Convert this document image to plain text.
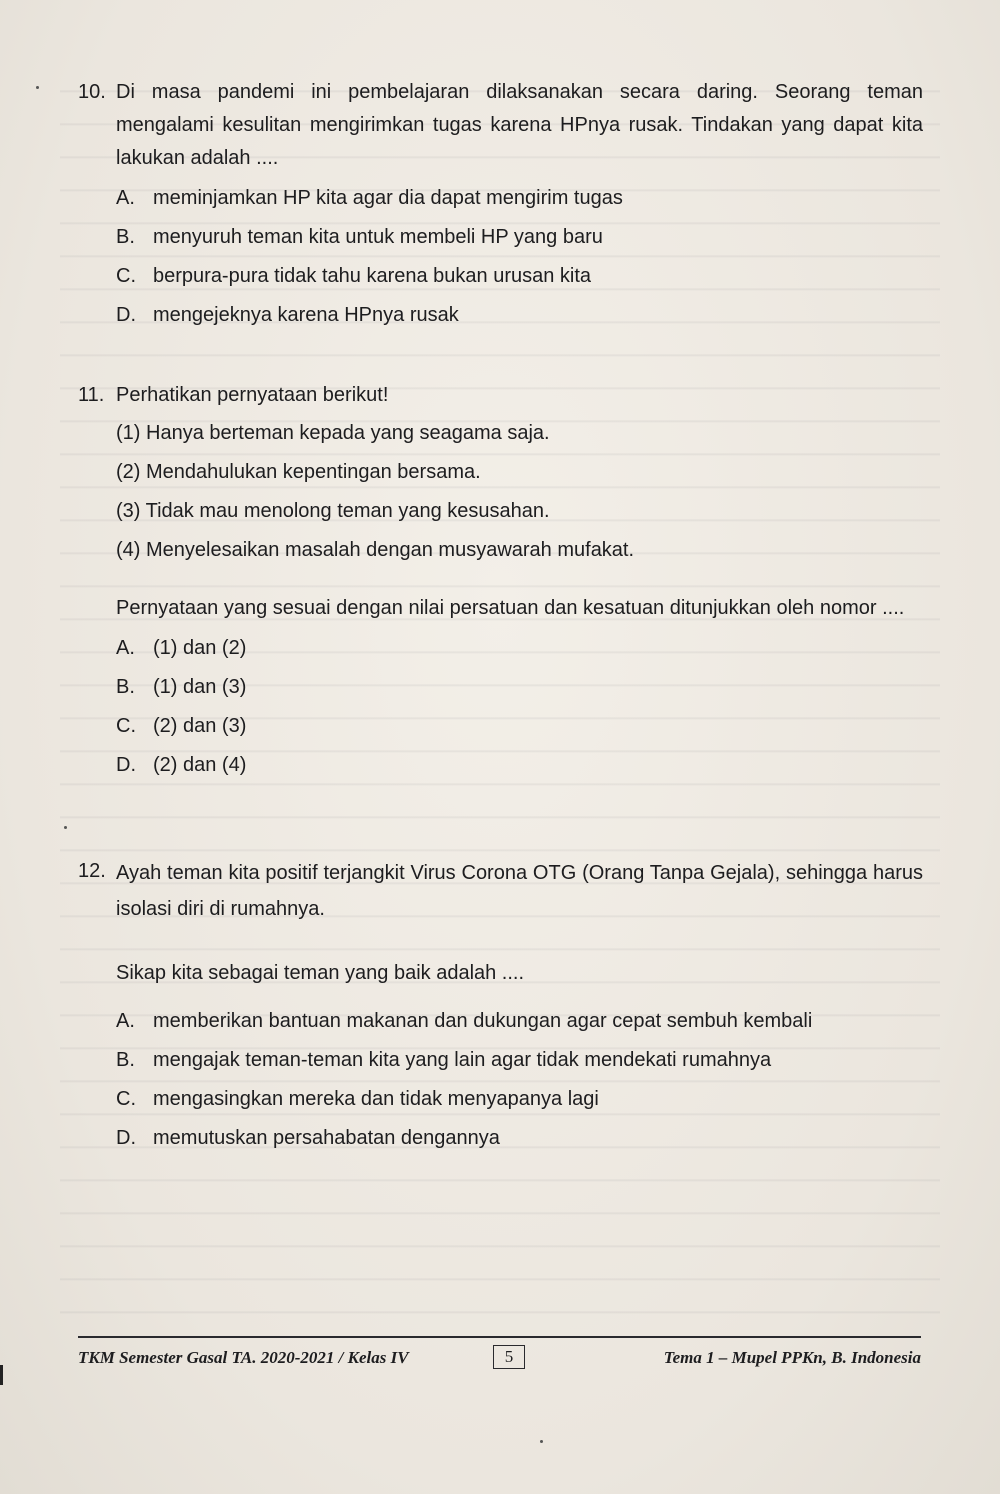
10. Di masa pandemi ini pembelajaran dilaksanakan secara daring. Seorang teman mengalami kesulitan mengirimkan tugas karena HPnya rusak. Tindakan yang dapat kita lakukan adalah ....
A. meminjamkan HP kita agar dia dapat mengirim tugas
B. menyuruh teman kita untuk membeli HP yang baru
C. berpura-pura tidak tahu karena bukan urusan kita
D. mengejeknya karena HPnya rusak
11. Perhatikan pernyataan berikut!
(1) Hanya berteman kepada yang seagama saja.
(2) Mendahulukan kepentingan bersama.
(3) Tidak mau menolong teman yang kesusahan.
(4) Menyelesaikan masalah dengan musyawarah mufakat.
Pernyataan yang sesuai dengan nilai persatuan dan kesatuan ditunjukkan oleh nomor ....
A. (1) dan (2)
B. (1) dan (3)
C. (2) dan (3)
D. (2) dan (4)
12. Ayah teman kita positif terjangkit Virus Corona OTG (Orang Tanpa Gejala), sehingga harus isolasi diri di rumahnya.
Sikap kita sebagai teman yang baik adalah ....
A. memberikan bantuan makanan dan dukungan agar cepat sembuh kembali
B. mengajak teman-teman kita yang lain agar tidak mendekati rumahnya
C. mengasingkan mereka dan tidak menyapanya lagi
D. memutuskan persahabatan dengannya
TKM Semester Gasal TA. 2020-2021 / Kelas IV	5	Tema 1 – Mupel PPKn, B. Indonesia
